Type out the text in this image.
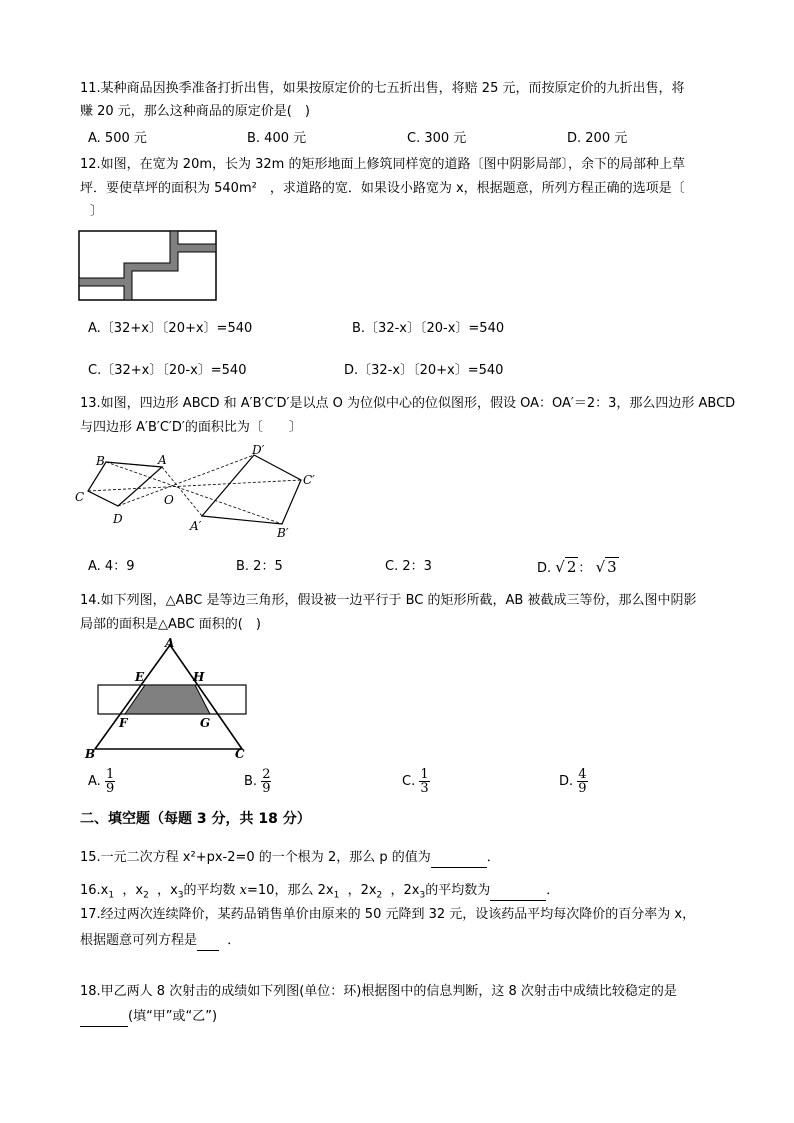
11.某种商品因换季准备打折出售，如果按原定价的七五折出售，将赔 25 元，而按原定价的九折出售，将
赚 20 元，那么这种商品的原定价是(　)
A. 500 元	B. 400 元	C. 300 元	D. 200 元
12.如图，在宽为 20m，长为 32m 的矩形地面上修筑同样宽的道路〔图中阴影局部〕，余下的局部种上草
坪．要使草坪的面积为 540m²　，求道路的宽．如果设小路宽为 x，根据题意，所列方程正确的选项是〔
〕
A.〔32+x〕〔20+x〕=540	B.〔32-x〕〔20-x〕=540
C.〔32+x〕〔20-x〕=540	D.〔32-x〕〔20+x〕=540
13.如图，四边形 ABCD 和 A′B′C′D′是以点 O 为位似中心的位似图形，假设 OA：OA′＝2：3，那么四边形 ABCD
与四边形 A′B′C′D′的面积比为〔　　〕
B	A
C	O
D
D′
C′
A′	B′
A. 4：9	B. 2：5	C. 2：3	D. √ 2 ： √ 3
14.如下列图，△ABC 是等边三角形，假设被一边平行于 BC 的矩形所截，AB 被截成三等份，那么图中阴影
局部的面积是△ABC 面积的(　)
A
E	H
F	G
B	C
A. $\frac{1}{9}$	B. $\frac{2}{9}$	C. $\frac{1}{3}$	D. $\frac{4}{9}$
二、填空题（每题 3 分，共 18 分）
15.一元二次方程 x²+px-2=0 的一个根为 2，那么 p 的值为	．
$16.x_1$ ，$x_2$ ，$x_3$的平均数 x=10，那么 $2x_1$ ，$2x_2$ ，$2x_3$的平均数为	．
17.经过两次连续降价，某药品销售单价由原来的 50 元降到 32 元，设该药品平均每次降价的百分率为 x，
根据题意可列方程是 ．
18.甲乙两人 8 次射击的成绩如下列图(单位：环)根据图中的信息判断，这 8 次射击中成绩比较稳定的是
(填“甲”或“乙”)
